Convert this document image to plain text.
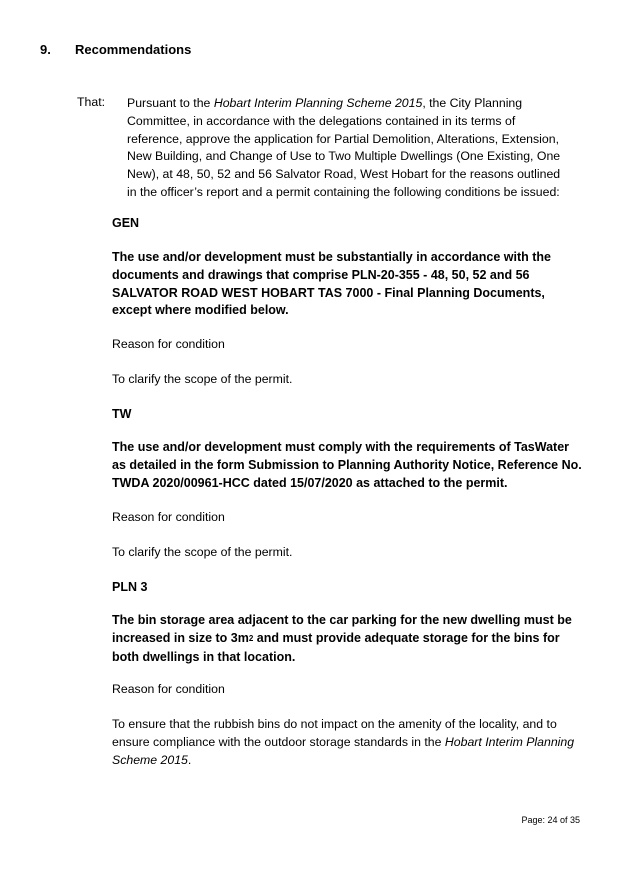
9. Recommendations
That: Pursuant to the Hobart Interim Planning Scheme 2015, the City Planning Committee, in accordance with the delegations contained in its terms of reference, approve the application for Partial Demolition, Alterations, Extension, New Building, and Change of Use to Two Multiple Dwellings (One Existing, One New), at 48, 50, 52 and 56 Salvator Road, West Hobart for the reasons outlined in the officer’s report and a permit containing the following conditions be issued:
GEN
The use and/or development must be substantially in accordance with the documents and drawings that comprise PLN-20-355 - 48, 50, 52 and 56 SALVATOR ROAD WEST HOBART TAS 7000 - Final Planning Documents, except where modified below.
Reason for condition
To clarify the scope of the permit.
TW
The use and/or development must comply with the requirements of TasWater as detailed in the form Submission to Planning Authority Notice, Reference No. TWDA 2020/00961-HCC dated 15/07/2020 as attached to the permit.
Reason for condition
To clarify the scope of the permit.
PLN 3
The bin storage area adjacent to the car parking for the new dwelling must be increased in size to $3m^2$ and must provide adequate storage for the bins for both dwellings in that location.
Reason for condition
To ensure that the rubbish bins do not impact on the amenity of the locality, and to ensure compliance with the outdoor storage standards in the Hobart Interim Planning Scheme 2015.
Page: 24 of 35
